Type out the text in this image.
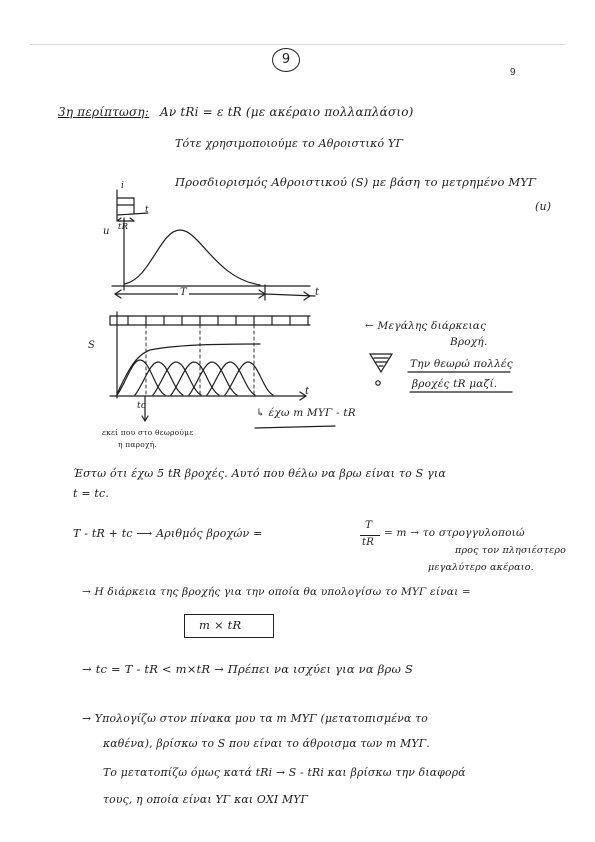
9
9
3η περίπτωση: Αν tRi = ε tR (με ακέραιο πολλαπλάσιο)
Τότε χρησιμοποιούμε το Αθροιστικό ΥΓ
Προσδιορισμός Αθροιστικού (S) με βάση το μετρημένο ΜΥΓ
(u)
i
t
tR
u
T	t
S
t
tc
εκεί που στο θεωρούμε
η παροχή.
↳ έχω m ΜΥΓ - tR
← Μεγάλης διάρκειας
Βροχή.
Την θεωρώ πολλές
βροχές tR μαζί.
Έστω ότι έχω 5 tR βροχές. Αυτό που θέλω να βρω είναι το S για
t = tc.
T - tR + tc ⟶ Αριθμός βροχών =
T
tR
= m → το στρογγυλοποιώ
προς τον πλησιέστερο
μεγαλύτερο ακέραιο.
→ Η διάρκεια της βροχής για την οποία θα υπολογίσω το ΜΥΓ είναι =
m × tR
→ tc = T - tR < m×tR → Πρέπει να ισχύει για να βρω S
→ Υπολογίζω στον πίνακα μου τα m ΜΥΓ (μετατοπισμένα το
καθένα), βρίσκω το S που είναι το άθροισμα των m ΜΥΓ.
Το μετατοπίζω όμως κατά tRi → S - tRi και βρίσκω την διαφορά
τους, η οποία είναι ΥΓ και ΟΧΙ ΜΥΓ
